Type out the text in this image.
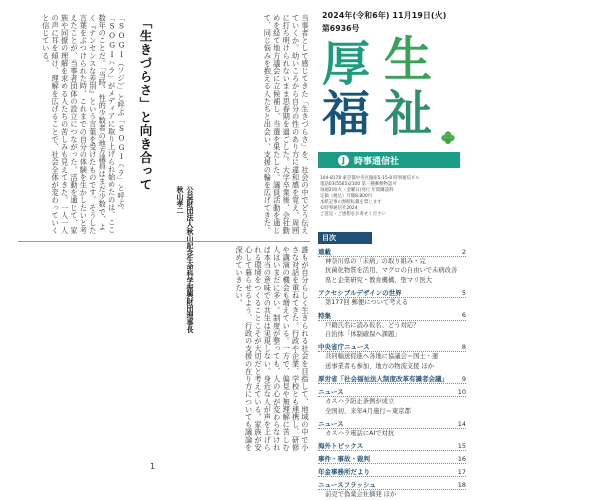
「SOGI（ソジ）」と呼ぶ「SOGIハラ」と呼ぶ。「SOGIハラ」がメディアに取り上げられ始めたのは、ここ数年のことだ。「当時、性的少数者の地方議員はまだ少数で、よく『ナンセンスな差別』という言葉を受けたものです。そうした言葉をぶつけられた時、これまでの自分の体験を生かしたいと考えたことが、当事者団体の設立につながった。活動を通じて、家族や同僚の理解を求める人たちの苦しみも見えてきた。一人一人の声に耳を傾け、理解を広げることで、社会全体が変わっていくと信じている。	「生きづらさ」と向き合って	当事者として感じてきた「生きづらさ」を、社会の中でどう伝えていくか。幼いころから自分の性のあり方に違和感を覚え、周囲に打ち明けられないまま思春期を過ごした。大学卒業後、会社勤めを経て地方議会に立候補し、当選を果たした。議員活動を通じて、同じ悩みを抱える人たちと出会い、支援の輪を広げてきた。
公益財団法人秋山記念生命科学振興財団理事長
秋山孝二
誰もが自分らしく生きられる社会を目指して、地域の中で小さな対話を重ねてきた。行政や企業、学校とも連携し、研修や講演の機会も増えている。一方で、偏見や無理解に苦しむ人はいまだに多い。制度が整っても、人の心が変わらなければ本当の意味での共生は実現しない。身近な人が声を上げられる環境をつくることこそが大切だと考えている。家族が安心して暮らせるよう、行政の支援の在り方についても議論を深めていきたい。
1
2024年(令和6年) 11月19日(火)
第6936号
厚 生
福 祉
J	時事通信社
104-8178 東京都中央区銀座5-15-8 時事通信ビル
電話03(5565)2100 第三種郵便物認可
毎週2回(火・金曜日)発行 年間購読料
定価（税込）月額8,800円
本紙記事の無断転載を禁じます
©時事通信社2024
ご意見・ご感想をお寄せください
目次
連載	2
神奈川県の「未病」の取り組み・完
抗菌化物質を活用、マグロの自由いで未病改善
県と企業研究・教育機構、聖マリ医大
アクセシブルデザインの世界	5
第177回 郵便について考える
特集	6
戸籍氏名に読み仮名、どう対応？
自治体「体制確保へ課題」
中央省庁ニュース	8
共同輸送促進へ各地に協議会＝国土・運
送事業者も参加、地方の物流支援 ほか
厚労省「社会福祉法人制度改革有識者会議」 9
ニュース	10
カスハラ防止条例が成立
全国初、来年4月施行＝東京都
ニュース	14
カスハラ電話にAIで対抗
海外トピックス	15
事件・事故・裁判	16
年金事務所だより	17
ニュースフラッシュ	18
前売で偽薬会社摘発 ほか
